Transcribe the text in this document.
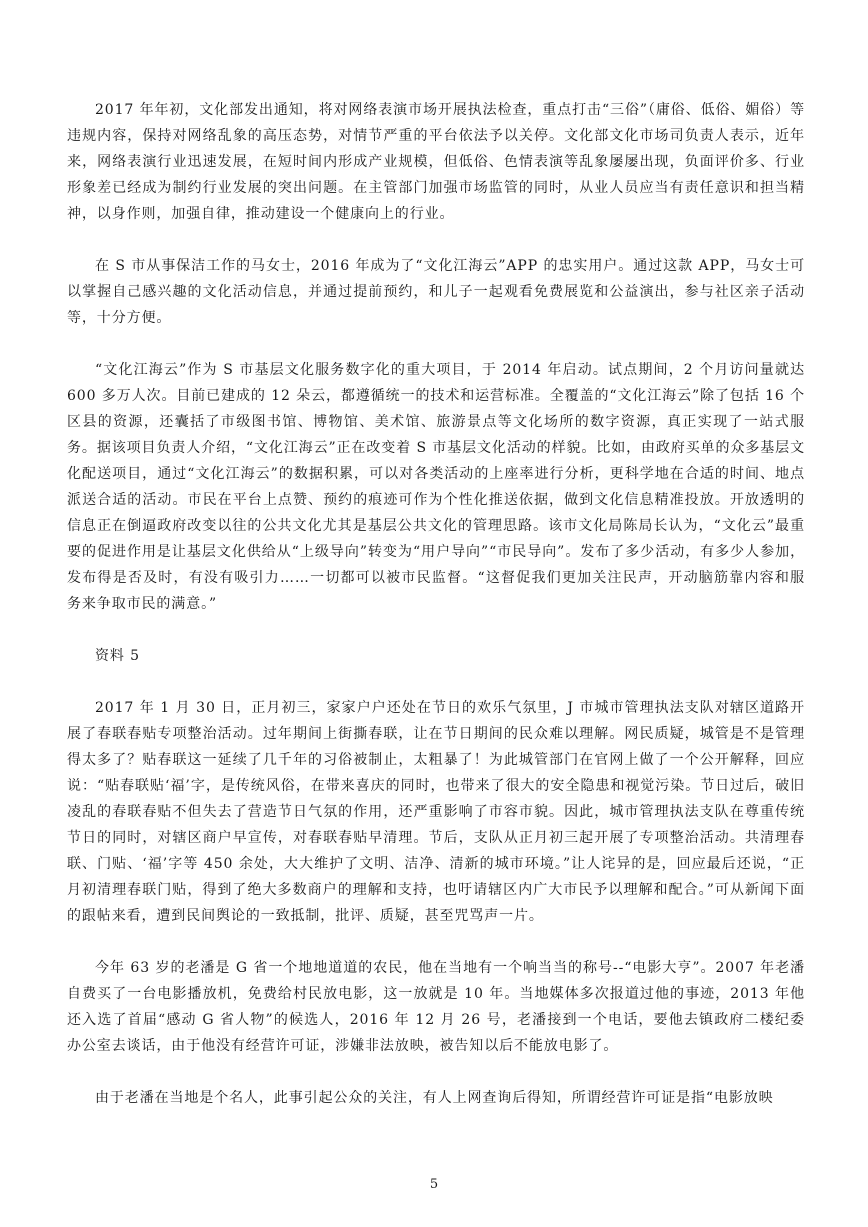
2017 年年初，文化部发出通知，将对网络表演市场开展执法检查，重点打击“三俗”（庸俗、低俗、媚俗）等违规内容，保持对网络乱象的高压态势，对情节严重的平台依法予以关停。文化部文化市场司负责人表示，近年来，网络表演行业迅速发展，在短时间内形成产业规模，但低俗、色情表演等乱象屡屡出现，负面评价多、行业形象差已经成为制约行业发展的突出问题。在主管部门加强市场监管的同时，从业人员应当有责任意识和担当精神，以身作则，加强自律，推动建设一个健康向上的行业。

在 S 市从事保洁工作的马女士，2016 年成为了“文化江海云”APP 的忠实用户。通过这款 APP，马女士可以掌握自己感兴趣的文化活动信息，并通过提前预约，和儿子一起观看免费展览和公益演出，参与社区亲子活动等，十分方便。

“文化江海云”作为 S 市基层文化服务数字化的重大项目，于 2014 年启动。试点期间，2 个月访问量就达 600 多万人次。目前已建成的 12 朵云，都遵循统一的技术和运营标准。全覆盖的“文化江海云”除了包括 16 个区县的资源，还囊括了市级图书馆、博物馆、美术馆、旅游景点等文化场所的数字资源，真正实现了一站式服务。据该项目负责人介绍，“文化江海云”正在改变着 S 市基层文化活动的样貌。比如，由政府买单的众多基层文化配送项目，通过“文化江海云”的数据积累，可以对各类活动的上座率进行分析，更科学地在合适的时间、地点派送合适的活动。市民在平台上点赞、预约的痕迹可作为个性化推送依据，做到文化信息精准投放。开放透明的信息正在倒逼政府改变以往的公共文化尤其是基层公共文化的管理思路。该市文化局陈局长认为，“文化云”最重要的促进作用是让基层文化供给从“上级导向”转变为“用户导向”“市民导向”。发布了多少活动，有多少人参加，发布得是否及时，有没有吸引力……一切都可以被市民监督。“这督促我们更加关注民声，开动脑筋靠内容和服务来争取市民的满意。”

资料 5

2017 年 1 月 30 日，正月初三，家家户户还处在节日的欢乐气氛里，J 市城市管理执法支队对辖区道路开展了春联春贴专项整治活动。过年期间上街撕春联，让在节日期间的民众难以理解。网民质疑，城管是不是管理得太多了？贴春联这一延续了几千年的习俗被制止，太粗暴了！为此城管部门在官网上做了一个公开解释，回应说：“贴春联贴‘福’字，是传统风俗，在带来喜庆的同时，也带来了很大的安全隐患和视觉污染。节日过后，破旧凌乱的春联春贴不但失去了营造节日气氛的作用，还严重影响了市容市貌。因此，城市管理执法支队在尊重传统节日的同时，对辖区商户早宣传，对春联春贴早清理。节后，支队从正月初三起开展了专项整治活动。共清理春联、门贴、‘福’字等 450 余处，大大维护了文明、洁净、清新的城市环境。”让人诧异的是，回应最后还说，“正月初清理春联门贴，得到了绝大多数商户的理解和支持，也吁请辖区内广大市民予以理解和配合。”可从新闻下面的跟帖来看，遭到民间舆论的一致抵制，批评、质疑，甚至咒骂声一片。

今年 63 岁的老潘是 G 省一个地地道道的农民，他在当地有一个响当当的称号--“电影大亨”。2007 年老潘自费买了一台电影播放机，免费给村民放电影，这一放就是 10 年。当地媒体多次报道过他的事迹，2013 年他还入选了首届“感动 G 省人物”的候选人，2016 年 12 月 26 号，老潘接到一个电话，要他去镇政府二楼纪委办公室去谈话，由于他没有经营许可证，涉嫌非法放映，被告知以后不能放电影了。

由于老潘在当地是个名人，此事引起公众的关注，有人上网查询后得知，所谓经营许可证是指“电影放映

5
